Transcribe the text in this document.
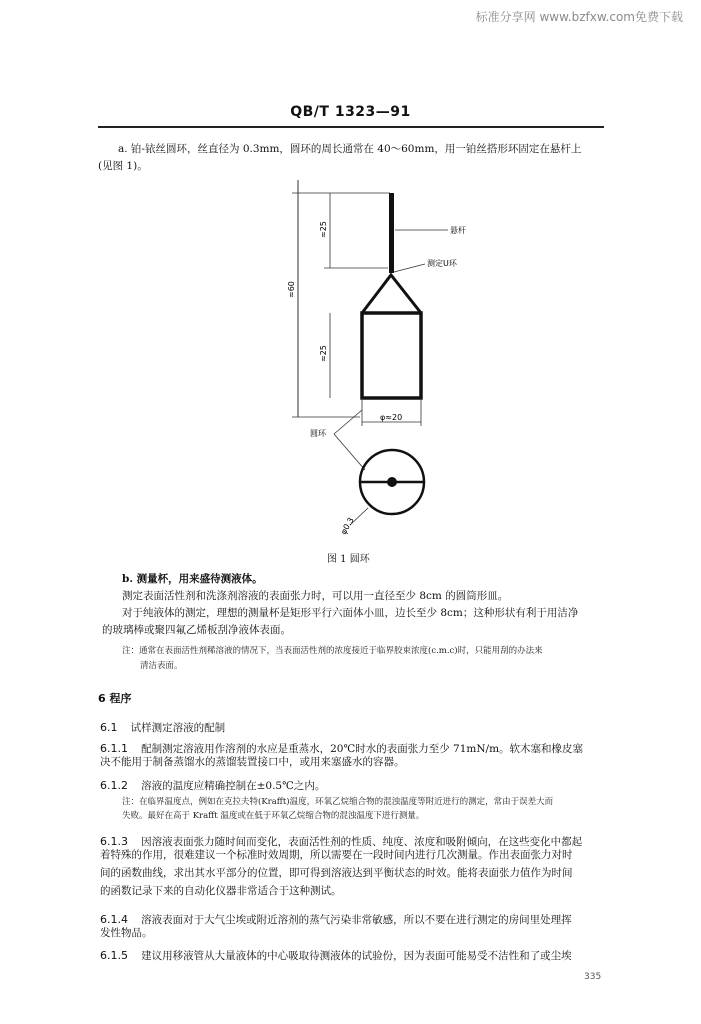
标准分享网 www.bzfxw.com免费下载
QB/T 1323—91
a. 铂-铱丝圆环，丝直径为 0.3mm，圆环的周长通常在 40～60mm，用一铂丝搭形环固定在悬杆上
(见图 1)。
≈25
≈60
≈25
悬杆
测定U环
φ≈20
圆环
φ0.3
图 1 圆环
b. 测量杯，用来盛待测液体。
测定表面活性剂和洗涤剂溶液的表面张力时，可以用一直径至少 8cm 的圆筒形皿。
对于纯液体的测定，理想的测量杯是矩形平行六面体小皿，边长至少 8cm；这种形状有利于用洁净
的玻璃棒或聚四氟乙烯板刮净液体表面。
注：通常在表面活性剂稀溶液的情况下，当表面活性剂的浓度接近于临界胶束浓度(c.m.c)时，只能用刮的办法来
清洁表面。
6 程序
6.1 试样测定溶液的配制
6.1.1 配制测定溶液用作溶剂的水应是重蒸水，20℃时水的表面张力至少 71mN/m。软木塞和橡皮塞
决不能用于制备蒸馏水的蒸馏装置接口中，或用来塞盛水的容器。
6.1.2 溶液的温度应精确控制在±0.5℃之内。
注：在临界温度点，例如在克拉夫特(Krafft)温度，环氧乙烷缩合物的混浊温度等附近进行的测定，常由于误差大而
失败。最好在高于 Krafft 温度或在低于环氧乙烷缩合物的混浊温度下进行测量。
6.1.3 因溶液表面张力随时间而变化，表面活性剂的性质、纯度、浓度和吸附倾向，在这些变化中都起
着特殊的作用，很难建议一个标准时效周期，所以需要在一段时间内进行几次测量。作出表面张力对时
间的函数曲线，求出其水平部分的位置，即可得到溶液达到平衡状态的时效。能将表面张力值作为时间
的函数记录下来的自动化仪器非常适合于这种测试。
6.1.4 溶液表面对于大气尘埃或附近溶剂的蒸气污染非常敏感，所以不要在进行测定的房间里处理挥
发性物品。
6.1.5 建议用移液管从大量液体的中心吸取待测液体的试验份，因为表面可能易受不洁性和了或尘埃
335
